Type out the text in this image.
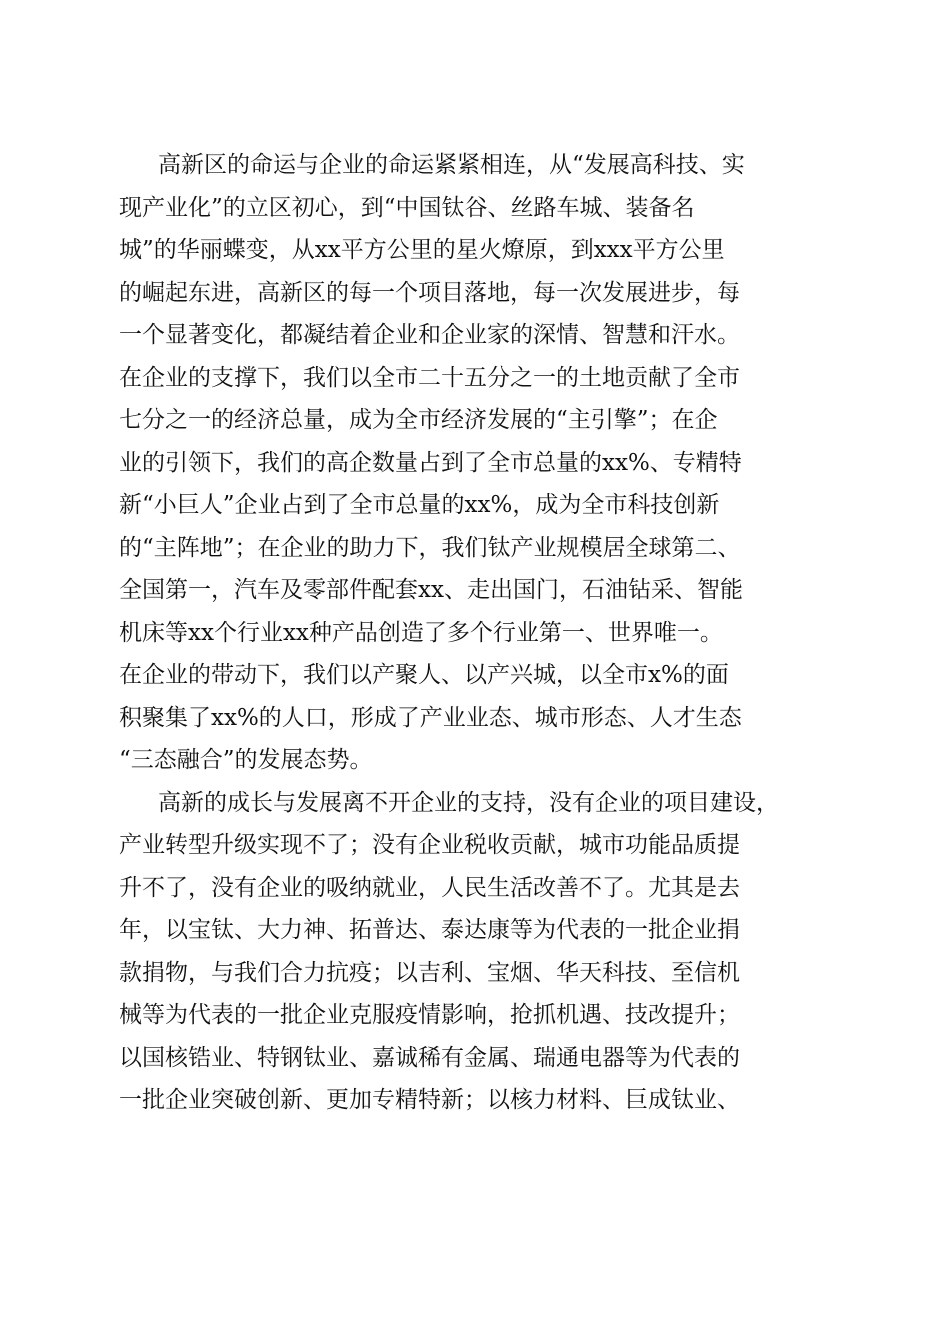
高新区的命运与企业的命运紧紧相连，从“发展高科技、实
现产业化”的立区初心，到“中国钛谷、丝路车城、装备名
城”的华丽蝶变，从xx平方公里的星火燎原，到xxx平方公里
的崛起东进，高新区的每一个项目落地，每一次发展进步，每
一个显著变化，都凝结着企业和企业家的深情、智慧和汗水。
在企业的支撑下，我们以全市二十五分之一的土地贡献了全市
七分之一的经济总量，成为全市经济发展的“主引擎”；在企
业的引领下，我们的高企数量占到了全市总量的xx%、专精特
新“小巨人”企业占到了全市总量的xx%，成为全市科技创新
的“主阵地”；在企业的助力下，我们钛产业规模居全球第二、
全国第一，汽车及零部件配套xx、走出国门，石油钻采、智能
机床等xx个行业xx种产品创造了多个行业第一、世界唯一。
在企业的带动下，我们以产聚人、以产兴城，以全市x%的面
积聚集了xx%的人口，形成了产业业态、城市形态、人才生态
“三态融合”的发展态势。
高新的成长与发展离不开企业的支持，没有企业的项目建设，
产业转型升级实现不了；没有企业税收贡献，城市功能品质提
升不了，没有企业的吸纳就业，人民生活改善不了。尤其是去
年，以宝钛、大力神、拓普达、泰达康等为代表的一批企业捐
款捐物，与我们合力抗疫；以吉利、宝烟、华天科技、至信机
械等为代表的一批企业克服疫情影响，抢抓机遇、技改提升；
以国核锆业、特钢钛业、嘉诚稀有金属、瑞通电器等为代表的
一批企业突破创新、更加专精特新；以核力材料、巨成钛业、
